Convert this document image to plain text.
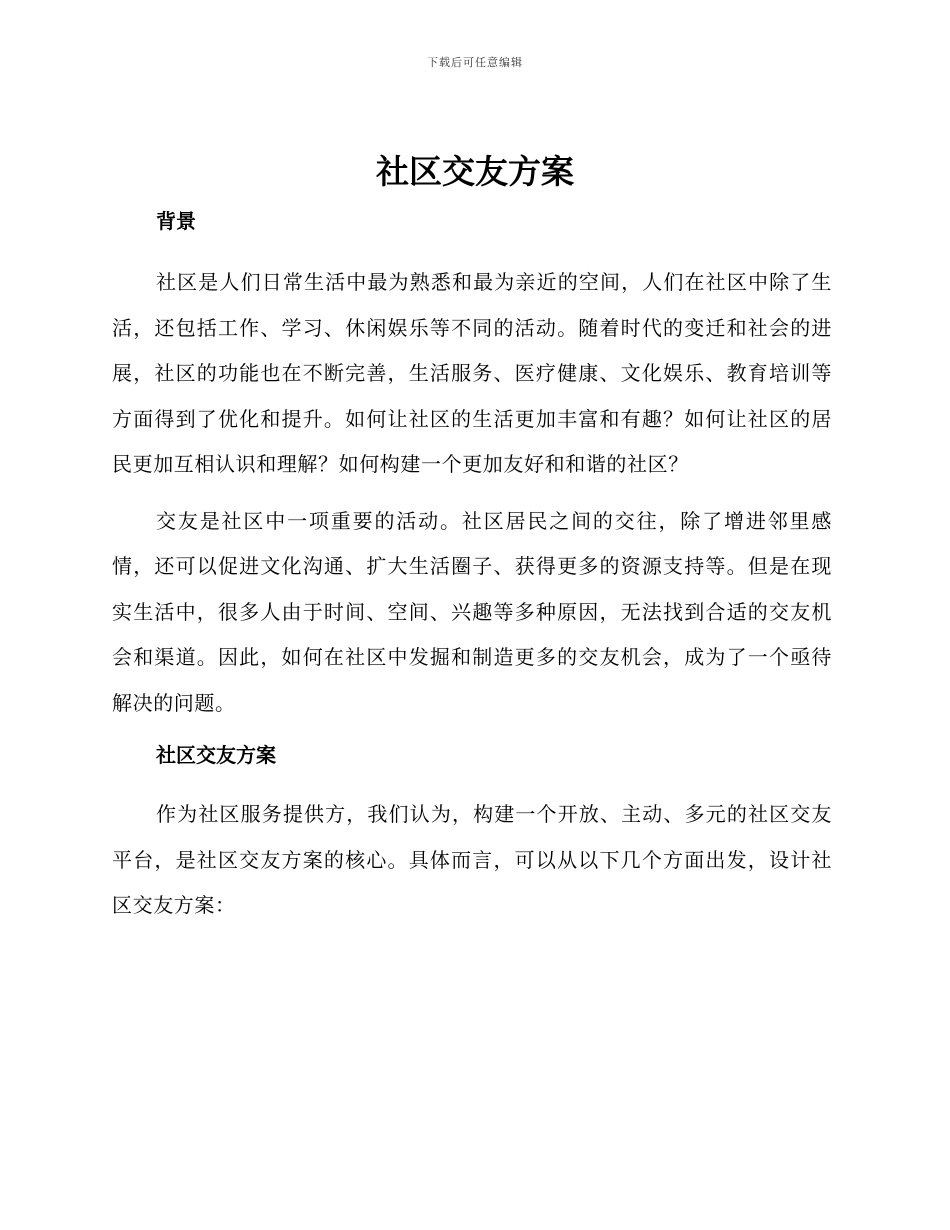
下载后可任意编辑
社区交友方案
背景

社区是人们日常生活中最为熟悉和最为亲近的空间，人们在社区中除了生活，还包括工作、学习、休闲娱乐等不同的活动。随着时代的变迁和社会的进展，社区的功能也在不断完善，生活服务、医疗健康、文化娱乐、教育培训等方面得到了优化和提升。如何让社区的生活更加丰富和有趣？如何让社区的居民更加互相认识和理解？如何构建一个更加友好和和谐的社区？

交友是社区中一项重要的活动。社区居民之间的交往，除了增进邻里感情，还可以促进文化沟通、扩大生活圈子、获得更多的资源支持等。但是在现实生活中，很多人由于时间、空间、兴趣等多种原因，无法找到合适的交友机会和渠道。因此，如何在社区中发掘和制造更多的交友机会，成为了一个亟待解决的问题。

社区交友方案

作为社区服务提供方，我们认为，构建一个开放、主动、多元的社区交友平台，是社区交友方案的核心。具体而言，可以从以下几个方面出发，设计社区交友方案：
